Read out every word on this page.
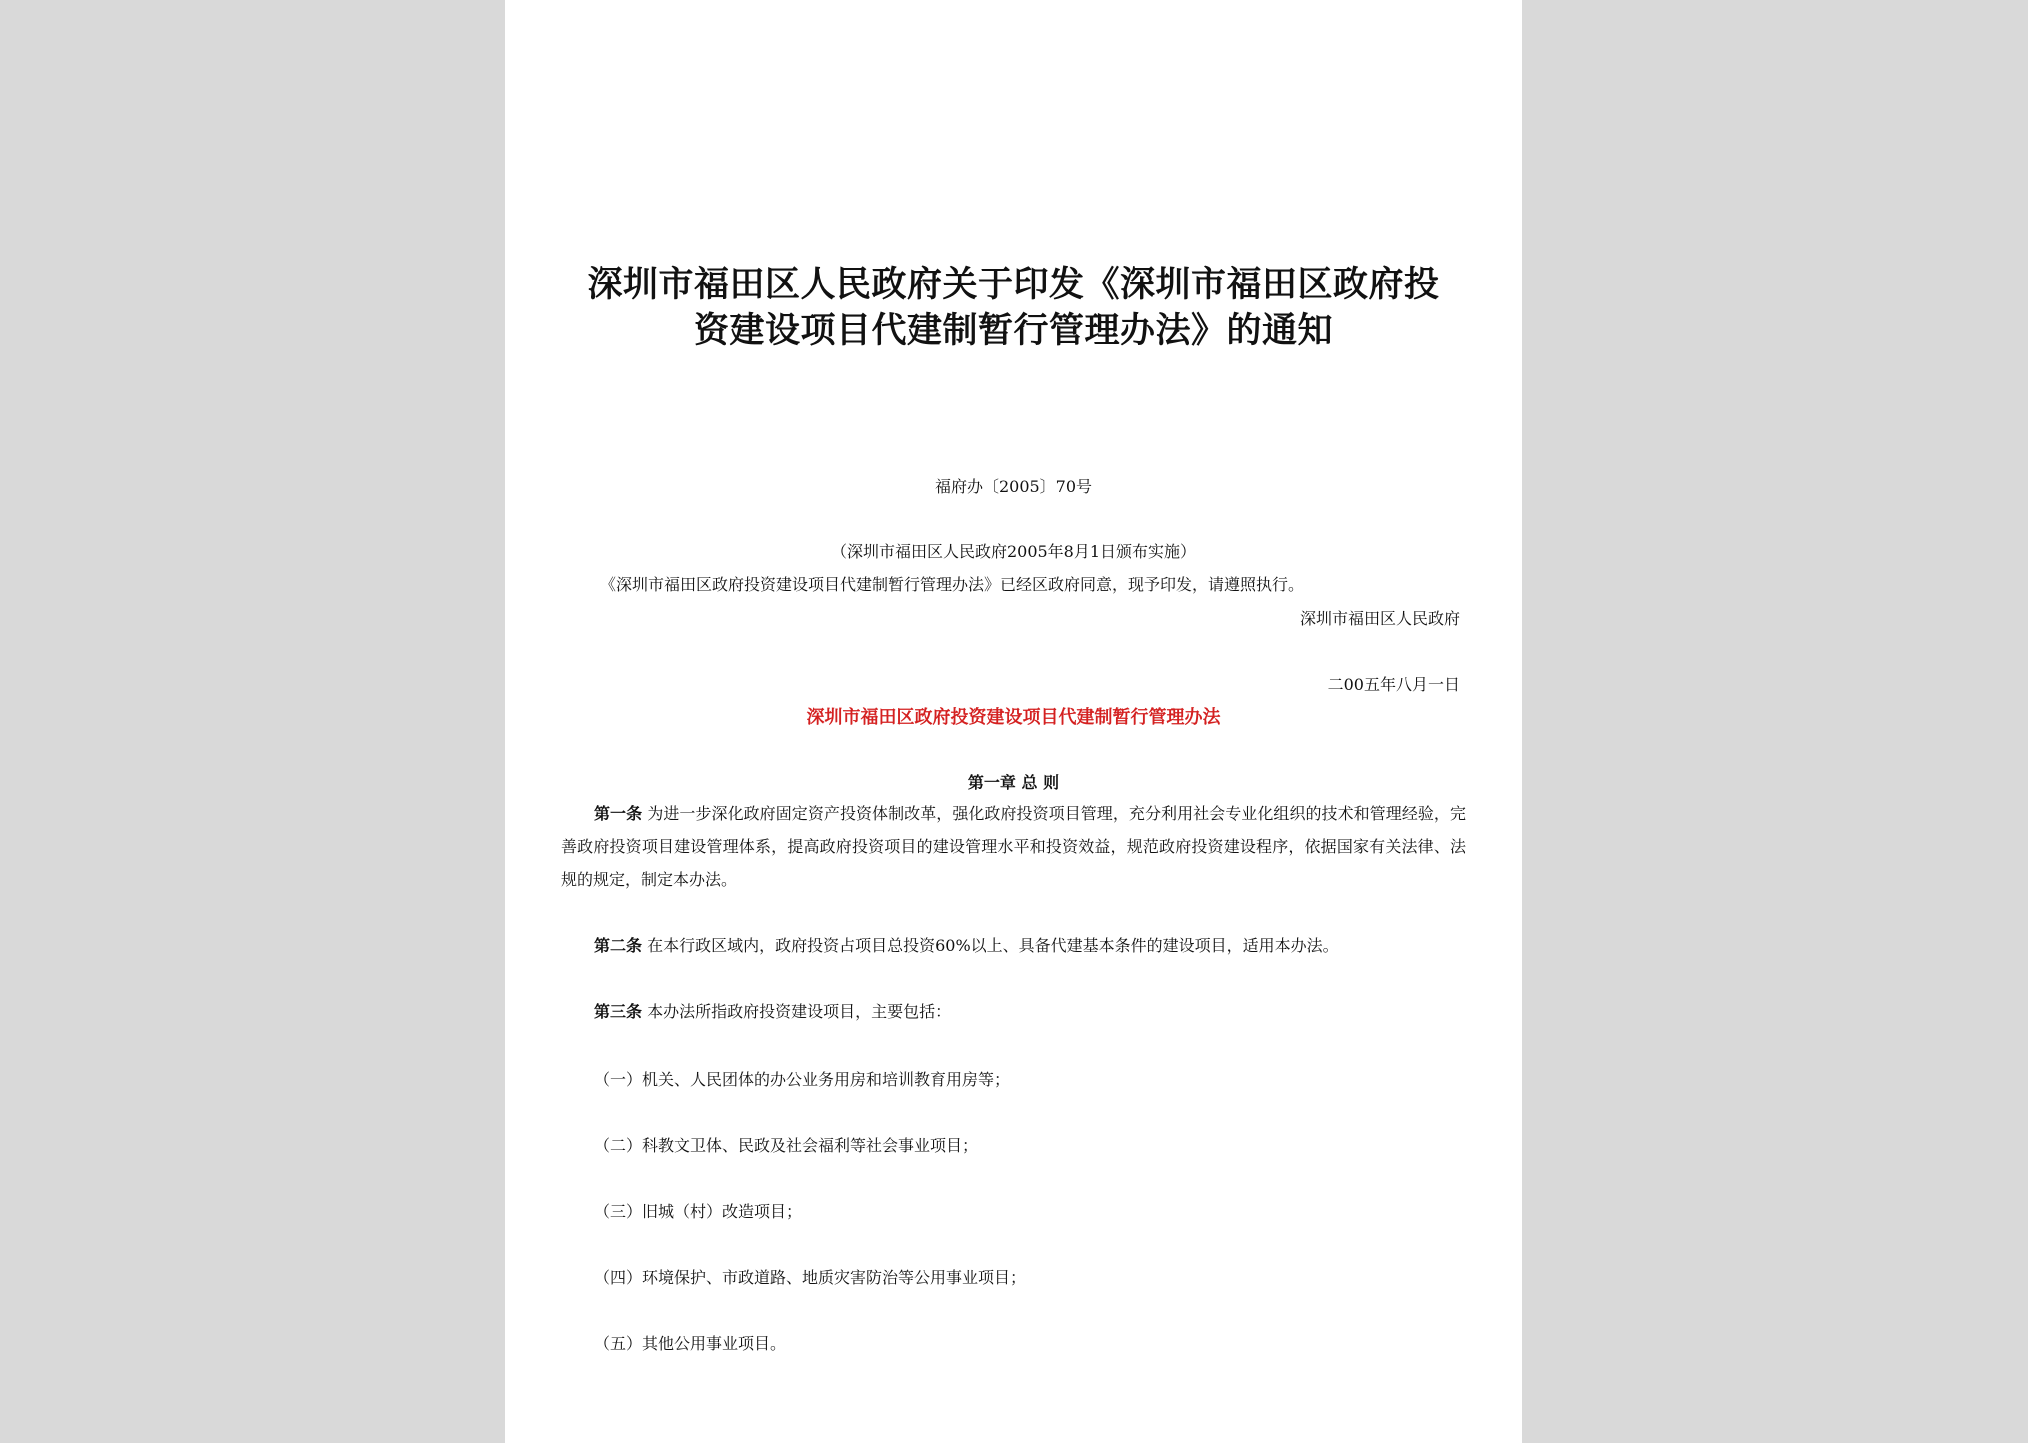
深圳市福田区人民政府关于印发《深圳市福田区政府投
资建设项目代建制暂行管理办法》的通知
福府办〔2005〕70号
（深圳市福田区人民政府2005年8月1日颁布实施）
《深圳市福田区政府投资建设项目代建制暂行管理办法》已经区政府同意，现予印发，请遵照执行。
深圳市福田区人民政府
二00五年八月一日
深圳市福田区政府投资建设项目代建制暂行管理办法
第一章 总 则
第一条 为进一步深化政府固定资产投资体制改革，强化政府投资项目管理，充分利用社会专业化组织的技术和管理经验，完善政府投资项目建设管理体系，提高政府投资项目的建设管理水平和投资效益，规范政府投资建设程序，依据国家有关法律、法规的规定，制定本办法。
第二条 在本行政区域内，政府投资占项目总投资60%以上、具备代建基本条件的建设项目，适用本办法。
第三条 本办法所指政府投资建设项目，主要包括：
（一）机关、人民团体的办公业务用房和培训教育用房等；
（二）科教文卫体、民政及社会福利等社会事业项目；
（三）旧城（村）改造项目；
（四）环境保护、市政道路、地质灾害防治等公用事业项目；
（五）其他公用事业项目。
